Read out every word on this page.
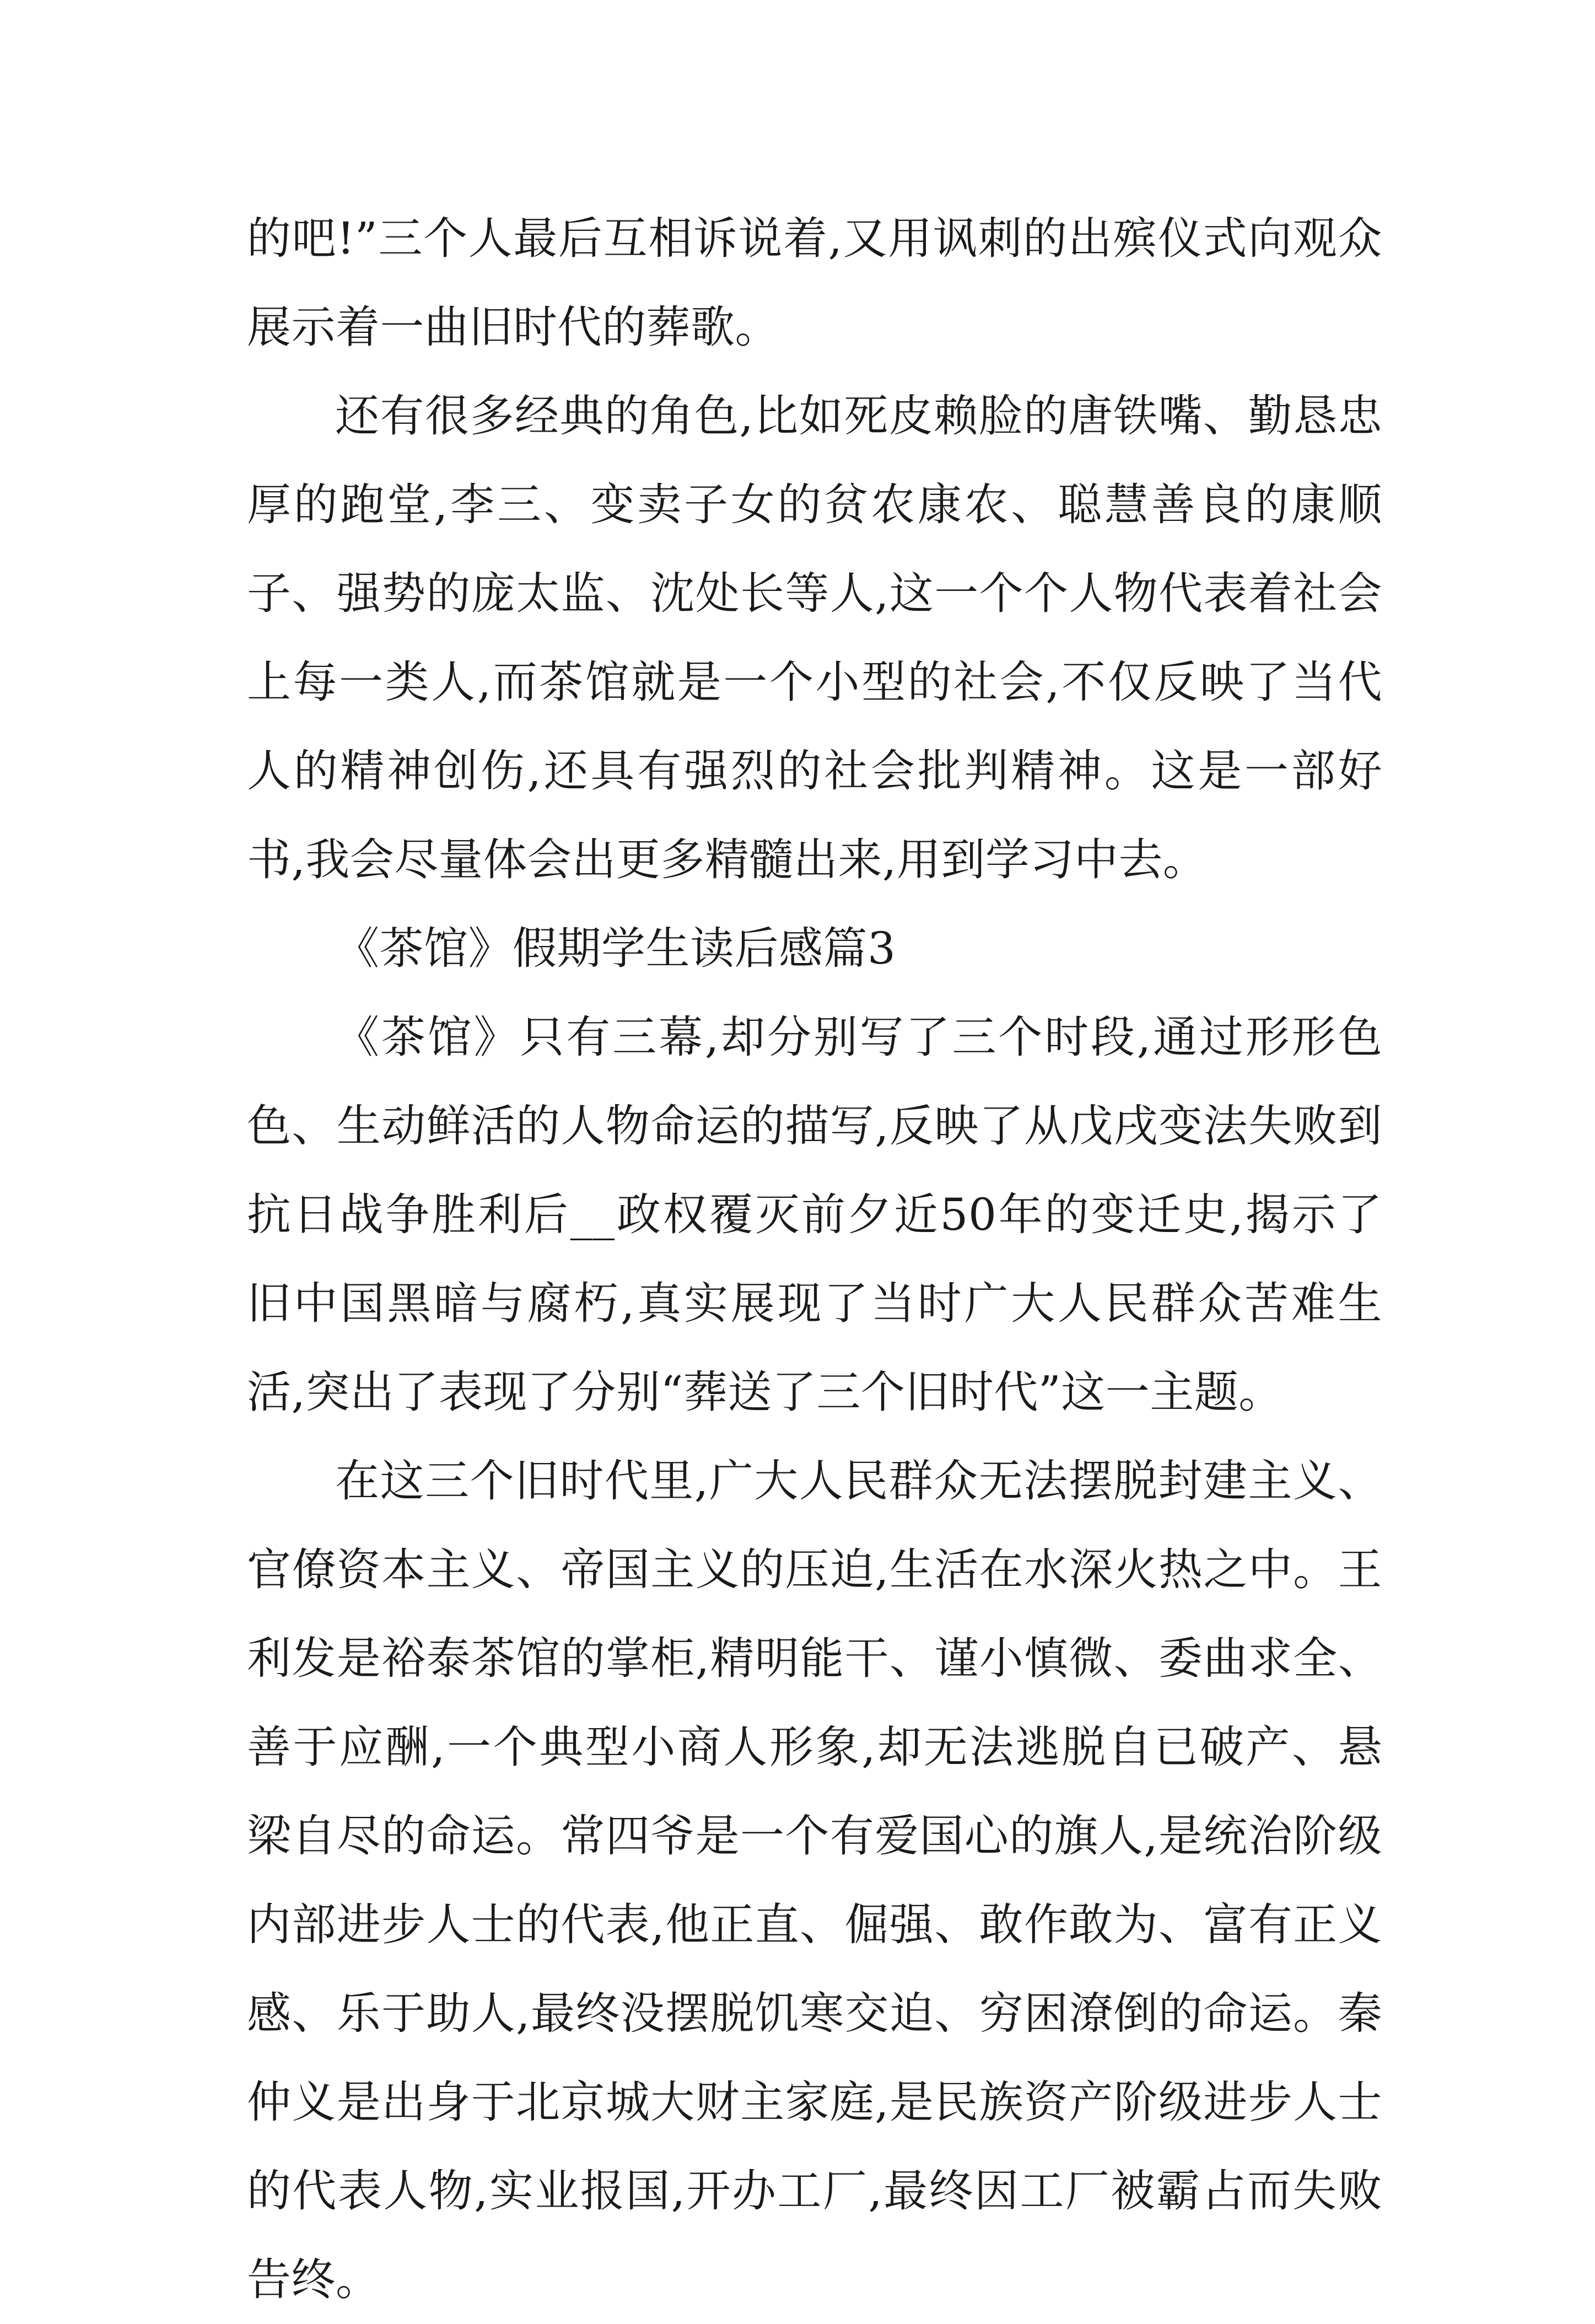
的吧!”三个人最后互相诉说着,又用讽刺的出殡仪式向观众展示着一曲旧时代的葬歌。

还有很多经典的角色,比如死皮赖脸的唐铁嘴、勤恳忠厚的跑堂,李三、变卖子女的贫农康农、聪慧善良的康顺子、强势的庞太监、沈处长等人,这一个个人物代表着社会上每一类人,而茶馆就是一个小型的社会,不仅反映了当代人的精神创伤,还具有强烈的社会批判精神。这是一部好书,我会尽量体会出更多精髓出来,用到学习中去。

《茶馆》假期学生读后感篇3

《茶馆》只有三幕,却分别写了三个时段,通过形形色色、生动鲜活的人物命运的描写,反映了从戊戌变法失败到抗日战争胜利后__政权覆灭前夕近50年的变迁史,揭示了旧中国黑暗与腐朽,真实展现了当时广大人民群众苦难生活,突出了表现了分别“葬送了三个旧时代”这一主题。

在这三个旧时代里,广大人民群众无法摆脱封建主义、官僚资本主义、帝国主义的压迫,生活在水深火热之中。王利发是裕泰茶馆的掌柜,精明能干、谨小慎微、委曲求全、善于应酬,一个典型小商人形象,却无法逃脱自已破产、悬梁自尽的命运。常四爷是一个有爱国心的旗人,是统治阶级内部进步人士的代表,他正直、倔强、敢作敢为、富有正义感、乐于助人,最终没摆脱饥寒交迫、穷困潦倒的命运。秦仲义是出身于北京城大财主家庭,是民族资产阶级进步人士的代表人物,实业报国,开办工厂,最终因工厂被霸占而失败告终。
